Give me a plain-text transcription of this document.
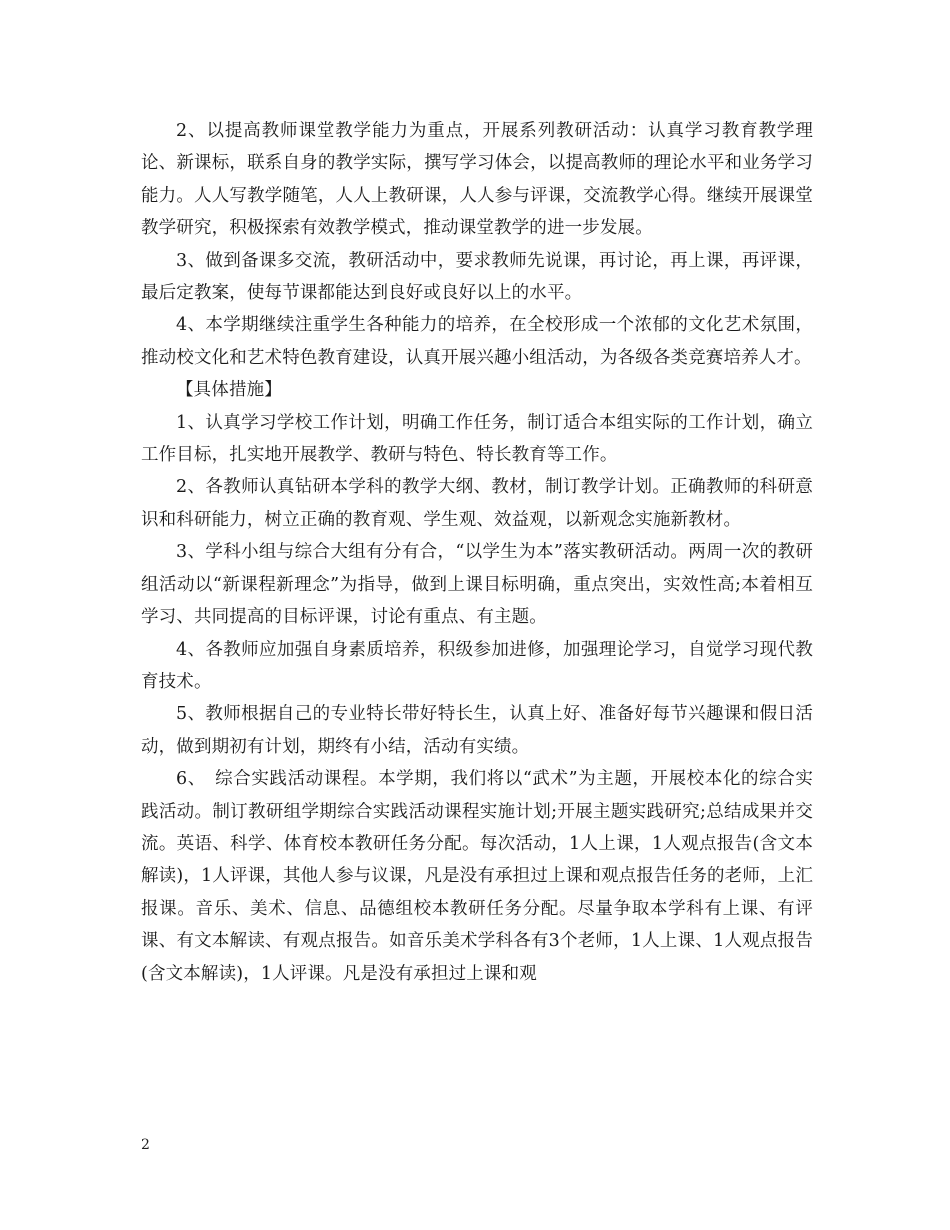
2、以提高教师课堂教学能力为重点，开展系列教研活动：认真学习教育教学理论、新课标，联系自身的教学实际，撰写学习体会，以提高教师的理论水平和业务学习能力。人人写教学随笔，人人上教研课，人人参与评课，交流教学心得。继续开展课堂教学研究，积极探索有效教学模式，推动课堂教学的进一步发展。

3、做到备课多交流，教研活动中，要求教师先说课，再讨论，再上课，再评课，最后定教案，使每节课都能达到良好或良好以上的水平。

4、本学期继续注重学生各种能力的培养，在全校形成一个浓郁的文化艺术氛围，推动校文化和艺术特色教育建设，认真开展兴趣小组活动，为各级各类竞赛培养人才。

【具体措施】

1、认真学习学校工作计划，明确工作任务，制订适合本组实际的工作计划，确立工作目标，扎实地开展教学、教研与特色、特长教育等工作。

2、各教师认真钻研本学科的教学大纲、教材，制订教学计划。正确教师的科研意识和科研能力，树立正确的教育观、学生观、效益观，以新观念实施新教材。

3、学科小组与综合大组有分有合，“以学生为本”落实教研活动。两周一次的教研组活动以“新课程新理念”为指导，做到上课目标明确，重点突出，实效性高;本着相互学习、共同提高的目标评课，讨论有重点、有主题。

4、各教师应加强自身素质培养，积级参加进修，加强理论学习，自觉学习现代教育技术。

5、教师根据自己的专业特长带好特长生，认真上好、准备好每节兴趣课和假日活动，做到期初有计划，期终有小结，活动有实绩。

6、　综合实践活动课程。本学期，我们将以“武术”为主题，开展校本化的综合实践活动。制订教研组学期综合实践活动课程实施计划;开展主题实践研究;总结成果并交流。英语、科学、体育校本教研任务分配。每次活动，1人上课，1人观点报告(含文本解读)，1人评课，其他人参与议课，凡是没有承担过上课和观点报告任务的老师，上汇报课。音乐、美术、信息、品德组校本教研任务分配。尽量争取本学科有上课、有评课、有文本解读、有观点报告。如音乐美术学科各有3个老师，1人上课、1人观点报告(含文本解读)，1人评课。凡是没有承担过上课和观

2
